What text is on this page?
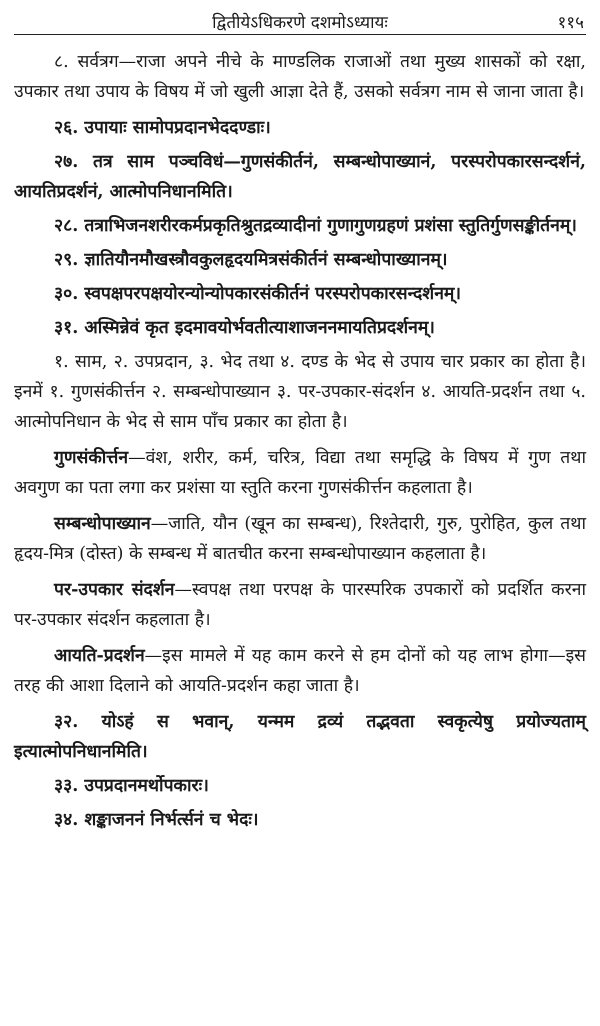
द्वितीयेऽधिकरणे दशमोऽध्यायः	११५

८. सर्वत्रग—राजा अपने नीचे के माण्डलिक राजाओं तथा मुख्य शासकों को रक्षा, उपकार तथा उपाय के विषय में जो खुली आज्ञा देते हैं, उसको सर्वत्रग नाम से जाना जाता है।

२६. उपायाः सामोपप्रदानभेददण्डाः।

२७. तत्र साम पञ्चविधं—गुणसंकीर्तनं, सम्बन्धोपाख्यानं, परस्परोपकारसन्दर्शनं, आयतिप्रदर्शनं, आत्मोपनिधानमिति।

२८. तत्राभिजनशरीरकर्मप्रकृतिश्रुतद्रव्यादीनां गुणागुणग्रहणं प्रशंसा स्तुतिर्गुणसङ्कीर्तनम्।

२९. ज्ञातियौनमौखस्त्रौवकुलहृदयमित्रसंकीर्तनं सम्बन्धोपाख्यानम्।

३०. स्वपक्षपरपक्षयोरन्योन्योपकारसंकीर्तनं परस्परोपकारसन्दर्शनम्।

३१. अस्मिन्नेवं कृत इदमावयोर्भवतीत्याशाजननमायतिप्रदर्शनम्।

१. साम, २. उपप्रदान, ३. भेद तथा ४. दण्ड के भेद से उपाय चार प्रकार का होता है। इनमें १. गुणसंकीर्त्तन २. सम्बन्धोपाख्यान ३. पर-उपकार-संदर्शन ४. आयति-प्रदर्शन तथा ५. आत्मोपनिधान के भेद से साम पाँच प्रकार का होता है।

गुणसंकीर्त्तन—वंश, शरीर, कर्म, चरित्र, विद्या तथा समृद्धि के विषय में गुण तथा अवगुण का पता लगा कर प्रशंसा या स्तुति करना गुणसंकीर्त्तन कहलाता है।

सम्बन्धोपाख्यान—जाति, यौन (खून का सम्बन्ध), रिश्तेदारी, गुरु, पुरोहित, कुल तथा हृदय-मित्र (दोस्त) के सम्बन्ध में बातचीत करना सम्बन्धोपाख्यान कहलाता है।

पर-उपकार संदर्शन—स्वपक्ष तथा परपक्ष के पारस्परिक उपकारों को प्रदर्शित करना पर-उपकार संदर्शन कहलाता है।

आयति-प्रदर्शन—इस मामले में यह काम करने से हम दोनों को यह लाभ होगा—इस तरह की आशा दिलाने को आयति-प्रदर्शन कहा जाता है।

३२. योऽहं स भवान्, यन्मम द्रव्यं तद्भवता स्वकृत्येषु प्रयोज्यताम् इत्यात्मोपनिधानमिति।

३३. उपप्रदानमर्थोपकारः।

३४. शङ्काजननं निर्भर्त्सनं च भेदः।
